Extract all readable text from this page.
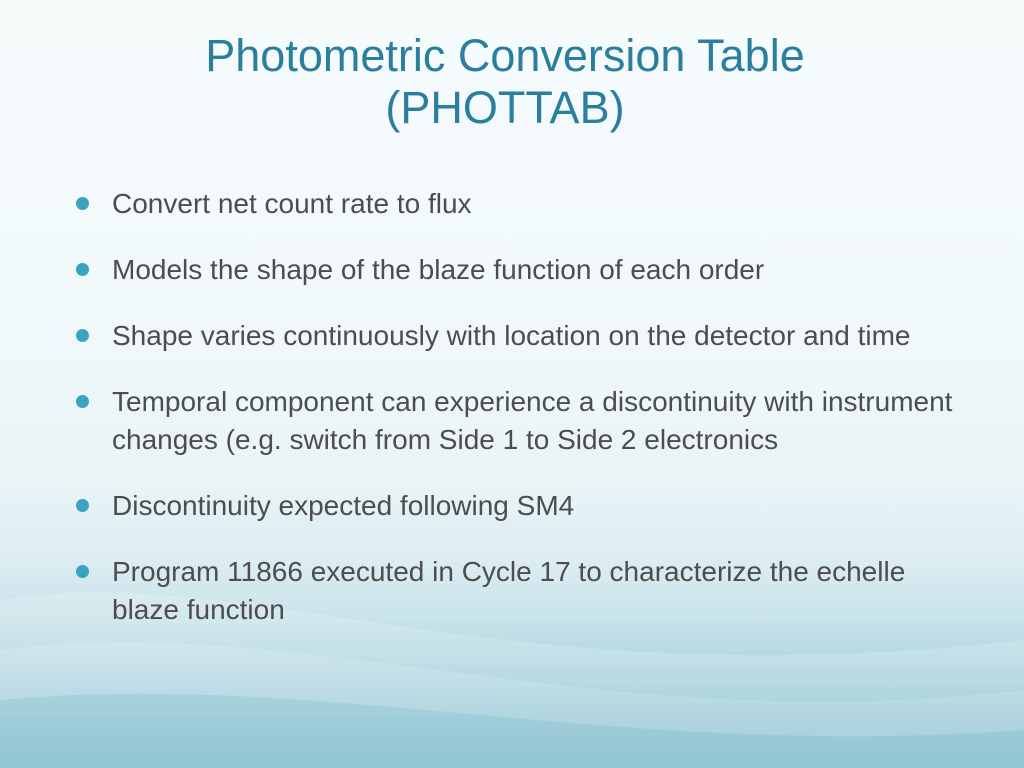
Photometric Conversion Table
(PHOTTAB)
Convert net count rate to flux
Models the shape of the blaze function of each order
Shape varies continuously with location on the detector and time
Temporal component can experience a discontinuity with instrument changes (e.g. switch from Side 1 to Side 2 electronics
Discontinuity expected following SM4
Program 11866 executed in Cycle 17 to characterize the echelle blaze function
